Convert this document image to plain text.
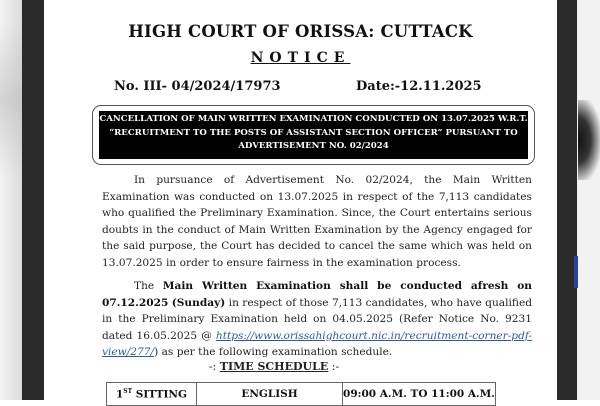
HIGH COURT OF ORISSA: CUTTACK
NOTICE
No. III- 04/2024/17973	Date:-12.11.2025
CANCELLATION OF MAIN WRITTEN EXAMINATION CONDUCTED ON 13.07.2025 W.R.T.
“RECRUITMENT TO THE POSTS OF ASSISTANT SECTION OFFICER” PURSUANT TO
ADVERTISEMENT NO. 02/2024
In pursuance of Advertisement No. 02/2024, the Main Written Examination was conducted on 13.07.2025 in respect of the 7,113 candidates who qualified the Preliminary Examination. Since, the Court entertains serious doubts in the conduct of Main Written Examination by the Agency engaged for the said purpose, the Court has decided to cancel the same which was held on 13.07.2025 in order to ensure fairness in the examination process.
The Main Written Examination shall be conducted afresh on 07.12.2025 (Sunday) in respect of those 7,113 candidates, who have qualified in the Preliminary Examination held on 04.05.2025 (Refer Notice No. 9231 dated 16.05.2025 @ https://www.orissahighcourt.nic.in/recruitment-corner-pdf-view/277/) as per the following examination schedule.
-: TIME SCHEDULE :-
1ST SITTING	ENGLISH	09:00 A.M. TO 11:00 A.M.
